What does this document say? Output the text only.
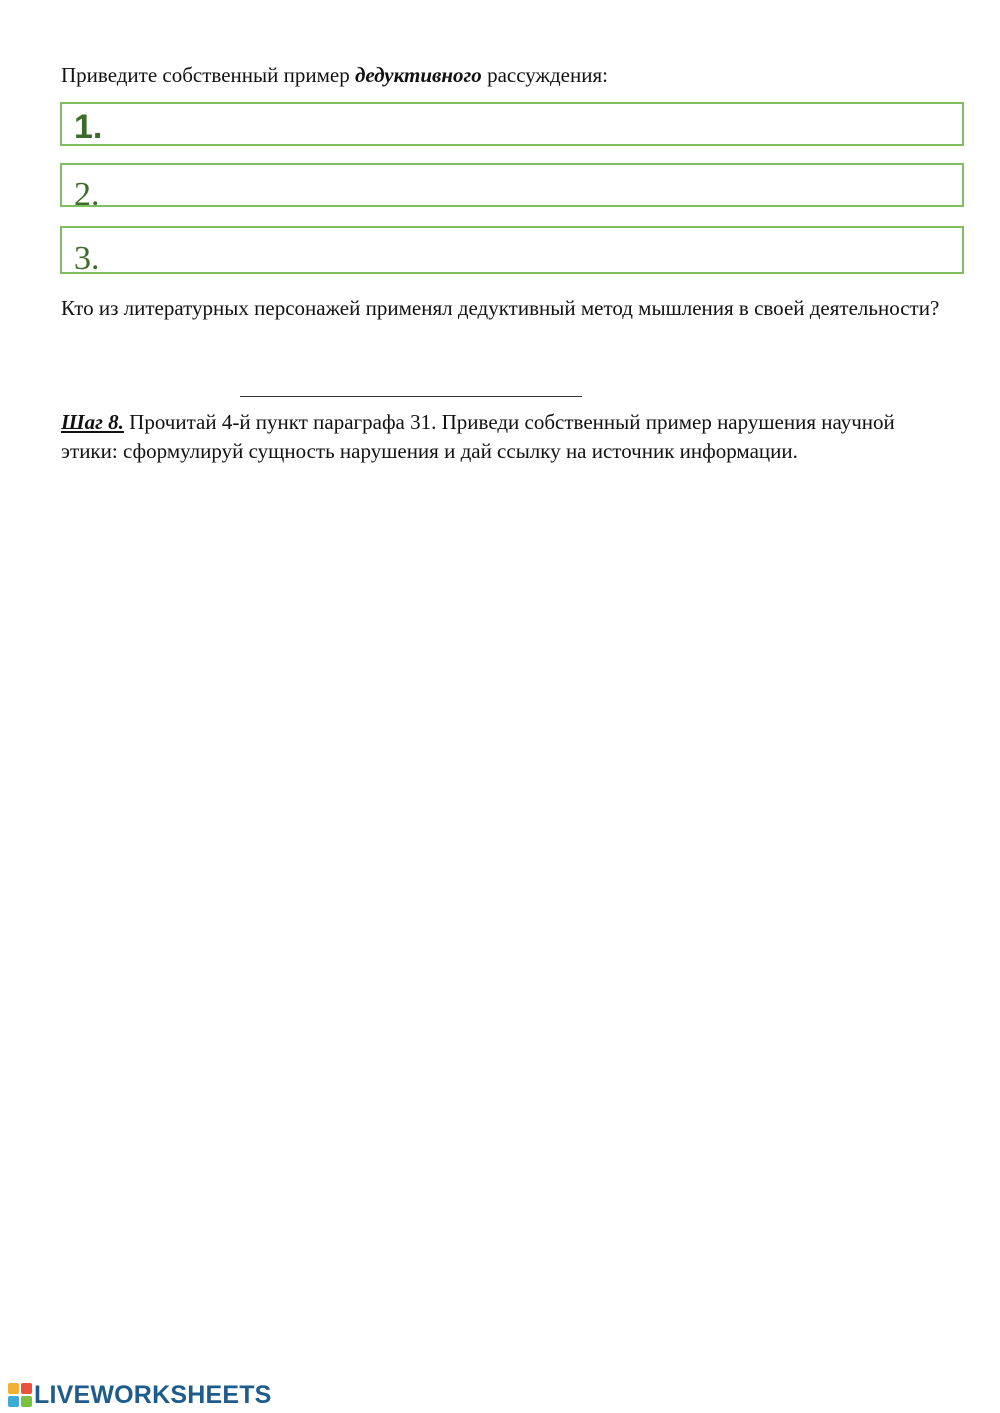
Приведите собственный пример дедуктивного рассуждения:
1.
2.
3.
Кто из литературных персонажей применял дедуктивный метод мышления в своей деятельности?
Шаг 8. Прочитай 4-й пункт параграфа 31. Приведи собственный пример нарушения научной этики: сформулируй сущность нарушения и дай ссылку на источник информации.
LIVEWORKSHEETS
